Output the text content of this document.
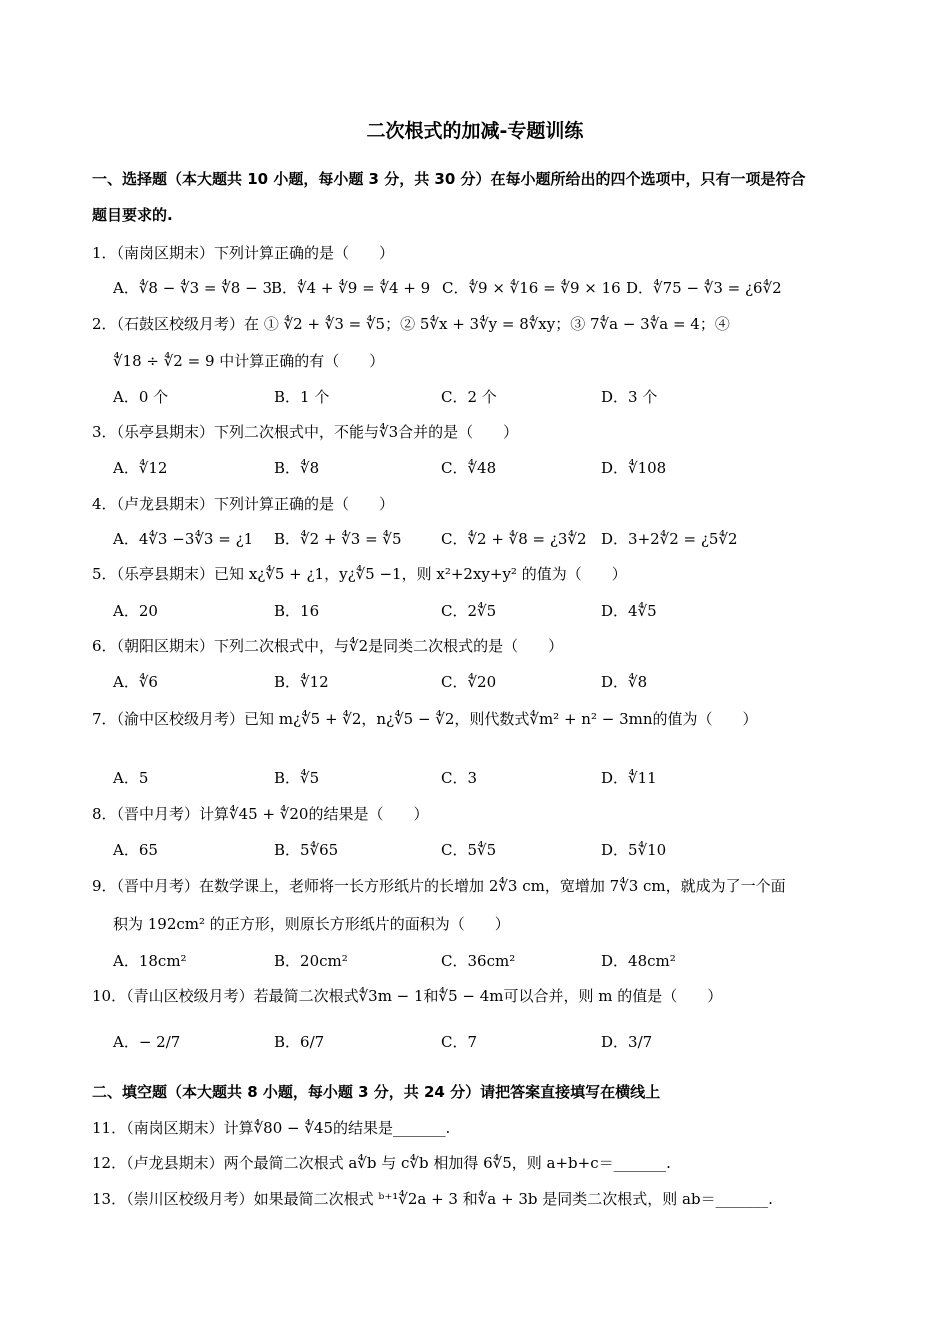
二次根式的加减-专题训练
一、选择题（本大题共 10 小题，每小题 3 分，共 30 分）在每小题所给出的四个选项中，只有一项是符合
题目要求的.
1．（南岗区期末）下列计算正确的是（　　）
A．∜8 − ∜3 = ∜8 − 3 B．∜4 + ∜9 = ∜4 + 9 C．∜9 × ∜16 = ∜9 × 16 D．∜75 − ∜3 = ¿6∜2
2．（石鼓区校级月考）在 ① ∜2 + ∜3 = ∜5；② 5∜x + 3∜y = 8∜xy；③ 7∜a − 3∜a = 4；④
∜18 ÷ ∜2 = 9 中计算正确的有（　　）
A．0 个	B．1 个	C．2 个	D．3 个
3．（乐亭县期末）下列二次根式中，不能与∜3合并的是（　　）
A．∜12	B．∜8	C．∜48	D．∜108
4．（卢龙县期末）下列计算正确的是（　　）
A．4∜3 −3∜3 = ¿1 B．∜2 + ∜3 = ∜5	C．∜2 + ∜8 = ¿3∜2 D．3+2∜2 = ¿5∜2
5．（乐亭县期末）已知 x¿∜5 + ¿1，y¿∜5 −1，则 x²+2xy+y² 的值为（　　）
A．20	B．16	C．2∜5	D．4∜5
6．（朝阳区期末）下列二次根式中，与∜2是同类二次根式的是（　　）
A．∜6	B．∜12	C．∜20	D．∜8
7．（渝中区校级月考）已知 m¿∜5 + ∜2，n¿∜5 − ∜2，则代数式∜m² + n² − 3mn的值为（　　）
A．5	B．∜5	C．3	D．∜11
8．（晋中月考）计算∜45 + ∜20的结果是（　　）
A．65	B．5∜65	C．5∜5	D．5∜10
9．（晋中月考）在数学课上，老师将一长方形纸片的长增加 2∜3 cm，宽增加 7∜3 cm，就成为了一个面
积为 192cm² 的正方形，则原长方形纸片的面积为（　　）
A．18cm²	B．20cm²	C．36cm²	D．48cm²
10．（青山区校级月考）若最简二次根式∜3m − 1和∜5 − 4m可以合并，则 m 的值是（　　）
A．− 2/7	B．6/7	C．7	D．3/7
二、填空题（本大题共 8 小题，每小题 3 分，共 24 分）请把答案直接填写在横线上
11．（南岗区期末）计算∜80 − ∜45的结果是_______.
12．（卢龙县期末）两个最简二次根式 a∜b 与 c∜b 相加得 6∜5，则 a+b+c＝_______.
13．（崇川区校级月考）如果最简二次根式 ᵇ⁺¹∜2a + 3 和∜a + 3b 是同类二次根式，则 ab＝_______.
